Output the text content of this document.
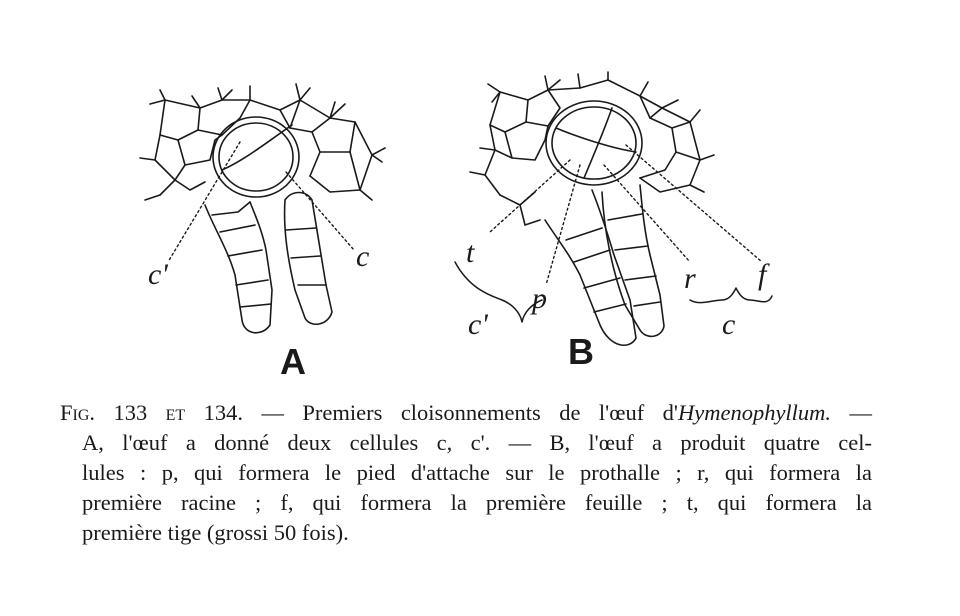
c'
c
A
t
p
c'
r f
c
B
Fig. 133 et 134. — Premiers cloisonnements de l'œuf d'Hymenophyllum. —
A, l'œuf a donné deux cellules c, c'. — B, l'œuf a produit quatre cel-
lules : p, qui formera le pied d'attache sur le prothalle ; r, qui formera la
première racine ; f, qui formera la première feuille ; t, qui formera la
première tige (grossi 50 fois).
